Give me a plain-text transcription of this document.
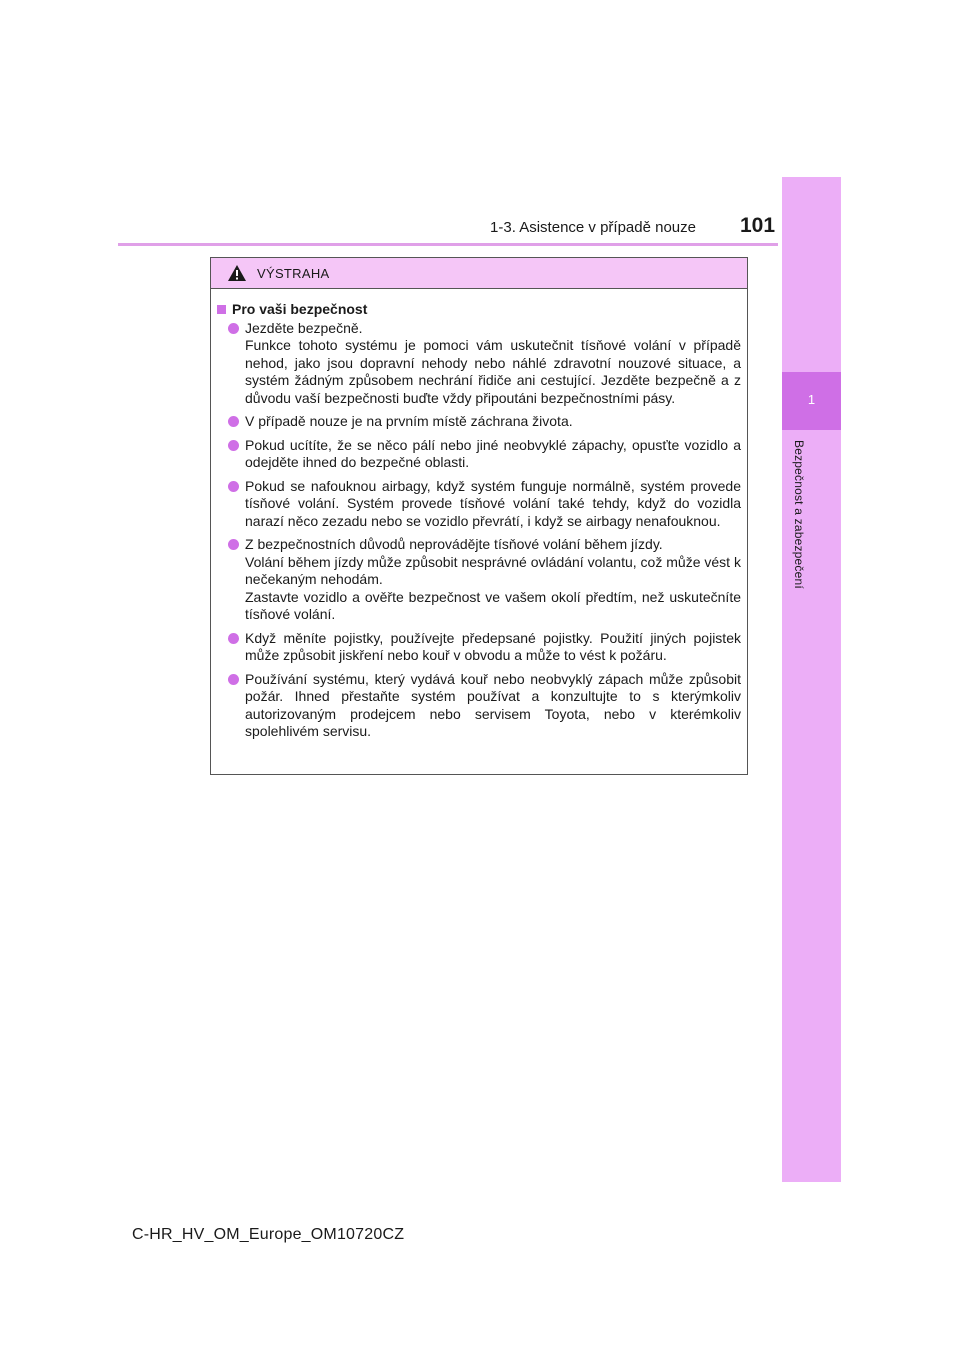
1-3. Asistence v případě nouze 101
1
Bezpečnost a zabezpečení
VÝSTRAHA
Pro vaši bezpečnost
Jezděte bezpečně.
Funkce tohoto systému je pomoci vám uskutečnit tísňové volání v případě nehod, jako jsou dopravní nehody nebo náhlé zdravotní nouzové situace, a systém žádným způsobem nechrání řidiče ani cestující. Jezděte bezpečně a z důvodu vaší bezpečnosti buďte vždy připoutáni bezpečnostními pásy.
V případě nouze je na prvním místě záchrana života.
Pokud ucítíte, že se něco pálí nebo jiné neobvyklé zápachy, opusťte vozidlo a odejděte ihned do bezpečné oblasti.
Pokud se nafouknou airbagy, když systém funguje normálně, systém provede tísňové volání. Systém provede tísňové volání také tehdy, když do vozidla narazí něco zezadu nebo se vozidlo převrátí, i když se airbagy nenafouknou.
Z bezpečnostních důvodů neprovádějte tísňové volání během jízdy.
Volání během jízdy může způsobit nesprávné ovládání volantu, což může vést k nečekaným nehodám.
Zastavte vozidlo a ověřte bezpečnost ve vašem okolí předtím, než uskutečníte tísňové volání.
Když měníte pojistky, používejte předepsané pojistky. Použití jiných pojistek může způsobit jiskření nebo kouř v obvodu a může to vést k požáru.
Používání systému, který vydává kouř nebo neobvyklý zápach může způsobit požár. Ihned přestaňte systém používat a konzultujte to s kterýmkoliv autorizovaným prodejcem nebo servisem Toyota, nebo v kterémkoliv spolehlivém servisu.
C-HR_HV_OM_Europe_OM10720CZ
